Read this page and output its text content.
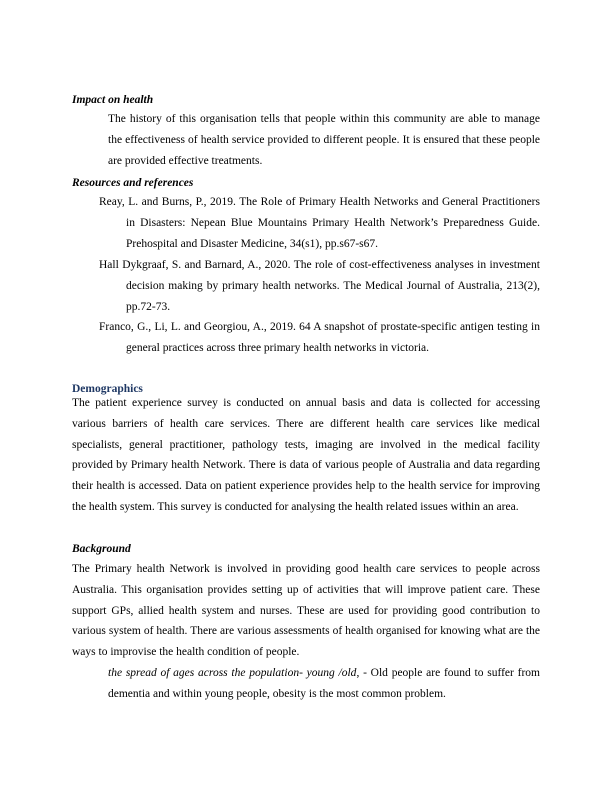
Impact on health
The history of this organisation tells that people within this community are able to manage the effectiveness of health service provided to different people. It is ensured that these people are provided effective treatments.
Resources and references
Reay, L. and Burns, P., 2019. The Role of Primary Health Networks and General Practitioners in Disasters: Nepean Blue Mountains Primary Health Network’s Preparedness Guide. Prehospital and Disaster Medicine, 34(s1), pp.s67-s67.
Hall Dykgraaf, S. and Barnard, A., 2020. The role of cost-effectiveness analyses in investment decision making by primary health networks. The Medical Journal of Australia, 213(2), pp.72-73.
Franco, G., Li, L. and Georgiou, A., 2019. 64 A snapshot of prostate-specific antigen testing in general practices across three primary health networks in victoria.
Demographics
The patient experience survey is conducted on annual basis and data is collected for accessing various barriers of health care services. There are different health care services like medical specialists, general practitioner, pathology tests, imaging are involved in the medical facility provided by Primary health Network. There is data of various people of Australia and data regarding their health is accessed. Data on patient experience provides help to the health service for improving the health system. This survey is conducted for analysing the health related issues within an area.
Background
The Primary health Network is involved in providing good health care services to people across Australia. This organisation provides setting up of activities that will improve patient care. These support GPs, allied health system and nurses. These are used for providing good contribution to various system of health. There are various assessments of health organised for knowing what are the ways to improvise the health condition of people.
the spread of ages across the population- young /old, - Old people are found to suffer from dementia and within young people, obesity is the most common problem.
